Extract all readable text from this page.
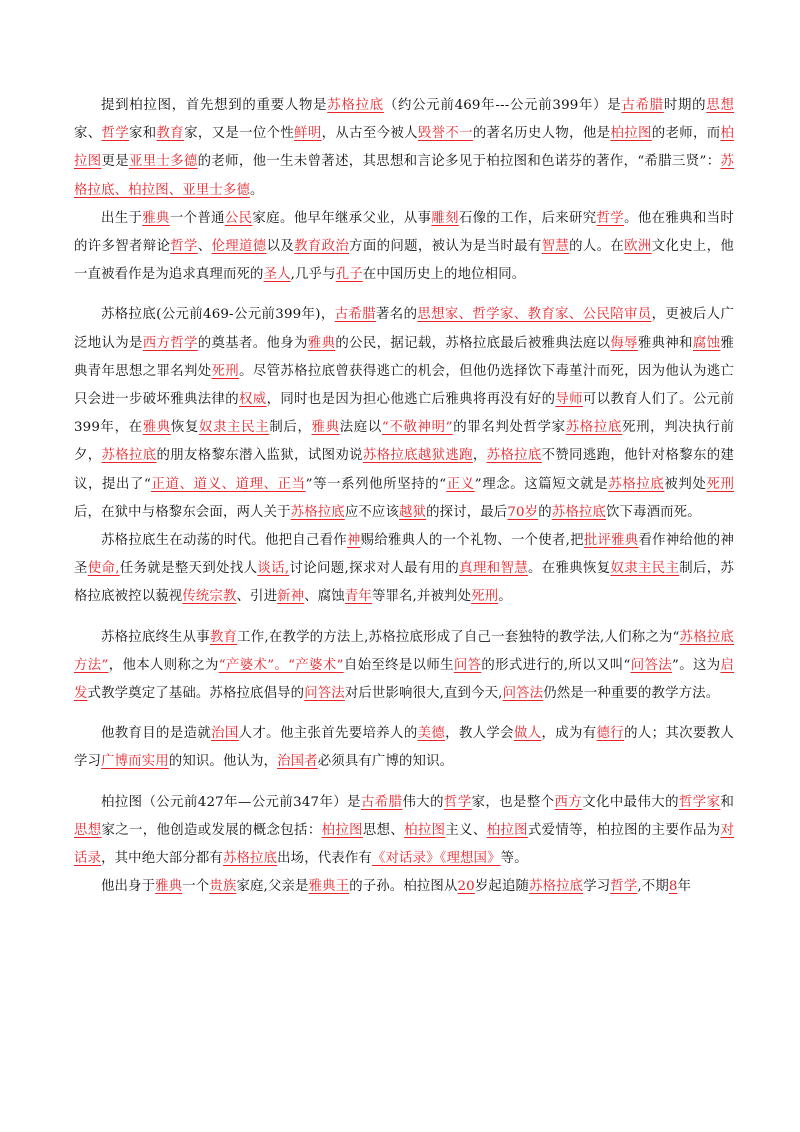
提到柏拉图，首先想到的重要人物是苏格拉底（约公元前469年---公元前399年）是古希腊时期的思想家、哲学家和教育家，又是一位个性鲜明，从古至今被人毁誉不一的著名历史人物，他是柏拉图的老师，而柏拉图更是亚里士多德的老师，他一生未曾著述，其思想和言论多见于柏拉图和色诺芬的著作，“希腊三贤”：苏格拉底、柏拉图、亚里士多德。

出生于雅典一个普通公民家庭。他早年继承父业，从事雕刻石像的工作，后来研究哲学。他在雅典和当时的许多智者辩论哲学、伦理道德以及教育政治方面的问题，被认为是当时最有智慧的人。在欧洲文化史上，他一直被看作是为追求真理而死的圣人,几乎与孔子在中国历史上的地位相同。

苏格拉底(公元前469-公元前399年)，古希腊著名的思想家、哲学家、教育家、公民陪审员，更被后人广泛地认为是西方哲学的奠基者。他身为雅典的公民，据记载，苏格拉底最后被雅典法庭以侮辱雅典神和腐蚀雅典青年思想之罪名判处死刑。尽管苏格拉底曾获得逃亡的机会，但他仍选择饮下毒堇汁而死，因为他认为逃亡只会进一步破坏雅典法律的权威，同时也是因为担心他逃亡后雅典将再没有好的导师可以教育人们了。公元前399年，在雅典恢复奴隶主民主制后，雅典法庭以“不敬神明”的罪名判处哲学家苏格拉底死刑，判决执行前夕，苏格拉底的朋友格黎东潜入监狱，试图劝说苏格拉底越狱逃跑，苏格拉底不赞同逃跑，他针对格黎东的建议，提出了“正道、道义、道理、正当”等一系列他所坚持的“正义”理念。这篇短文就是苏格拉底被判处死刑后，在狱中与格黎东会面，两人关于苏格拉底应不应该越狱的探讨，最后70岁的苏格拉底饮下毒酒而死。

苏格拉底生在动荡的时代。他把自己看作神赐给雅典人的一个礼物、一个使者,把批评雅典看作神给他的神圣使命,任务就是整天到处找人谈话,讨论问题,探求对人最有用的真理和智慧。在雅典恢复奴隶主民主制后，苏格拉底被控以藐视传统宗教、引进新神、腐蚀青年等罪名,并被判处死刑。

苏格拉底终生从事教育工作,在教学的方法上,苏格拉底形成了自己一套独特的教学法,人们称之为“苏格拉底方法”，他本人则称之为“产婆术”。“产婆术”自始至终是以师生问答的形式进行的,所以又叫“问答法”。这为启发式教学奠定了基础。苏格拉底倡导的问答法对后世影响很大,直到今天,问答法仍然是一种重要的教学方法。

他教育目的是造就治国人才。他主张首先要培养人的美德，教人学会做人，成为有德行的人；其次要教人学习广博而实用的知识。他认为，治国者必须具有广博的知识。

柏拉图（公元前427年—公元前347年）是古希腊伟大的哲学家，也是整个西方文化中最伟大的哲学家和思想家之一，他创造或发展的概念包括：柏拉图思想、柏拉图主义、柏拉图式爱情等，柏拉图的主要作品为对话录，其中绝大部分都有苏格拉底出场，代表作有《对话录》《理想国》等。

他出身于雅典一个贵族家庭,父亲是雅典王的子孙。柏拉图从20岁起追随苏格拉底学习哲学,不期8年
